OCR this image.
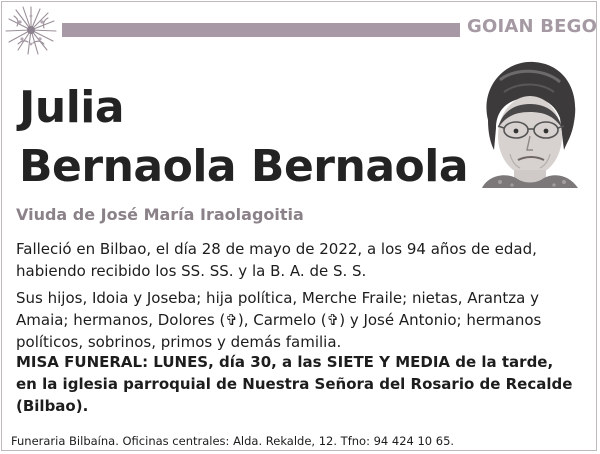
GOIAN BEGO
Julia
Bernaola Bernaola
Viuda de José María Iraolagoitia
Falleció en Bilbao, el día 28 de mayo de 2022, a los 94 años de edad, habiendo recibido los SS. SS. y la B. A. de S. S.
Sus hijos, Idoia y Joseba; hija política, Merche Fraile; nietas, Arantza y Amaia; hermanos, Dolores (✞), Carmelo (✞) y José Antonio; hermanos políticos, sobrinos, primos y demás familia.
MISA FUNERAL: LUNES, día 30, a las SIETE Y MEDIA de la tarde, en la iglesia parroquial de Nuestra Señora del Rosario de Recalde (Bilbao).
Funeraria Bilbaína. Oficinas centrales: Alda. Rekalde, 12. Tfno: 94 424 10 65.
